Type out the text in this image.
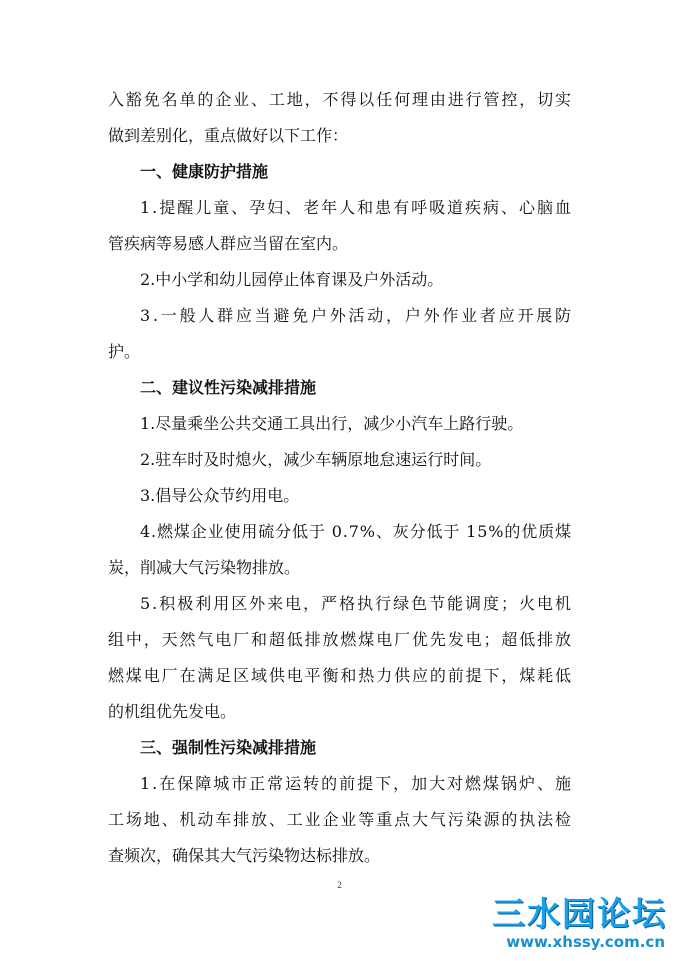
入豁免名单的企业、工地，不得以任何理由进行管控，切实
做到差别化，重点做好以下工作：
一、健康防护措施
1.提醒儿童、孕妇、老年人和患有呼吸道疾病、心脑血
管疾病等易感人群应当留在室内。
2.中小学和幼儿园停止体育课及户外活动。
3.一般人群应当避免户外活动，户外作业者应开展防
护。
二、建议性污染减排措施
1.尽量乘坐公共交通工具出行，减少小汽车上路行驶。
2.驻车时及时熄火，减少车辆原地怠速运行时间。
3.倡导公众节约用电。
4.燃煤企业使用硫分低于 0.7%、灰分低于 15%的优质煤
炭，削减大气污染物排放。
5.积极利用区外来电，严格执行绿色节能调度；火电机
组中，天然气电厂和超低排放燃煤电厂优先发电；超低排放
燃煤电厂在满足区域供电平衡和热力供应的前提下，煤耗低
的机组优先发电。
三、强制性污染减排措施
1.在保障城市正常运转的前提下，加大对燃煤锅炉、施
工场地、机动车排放、工业企业等重点大气污染源的执法检
查频次，确保其大气污染物达标排放。
2
三水园论坛
www.xhssy.com.cn
